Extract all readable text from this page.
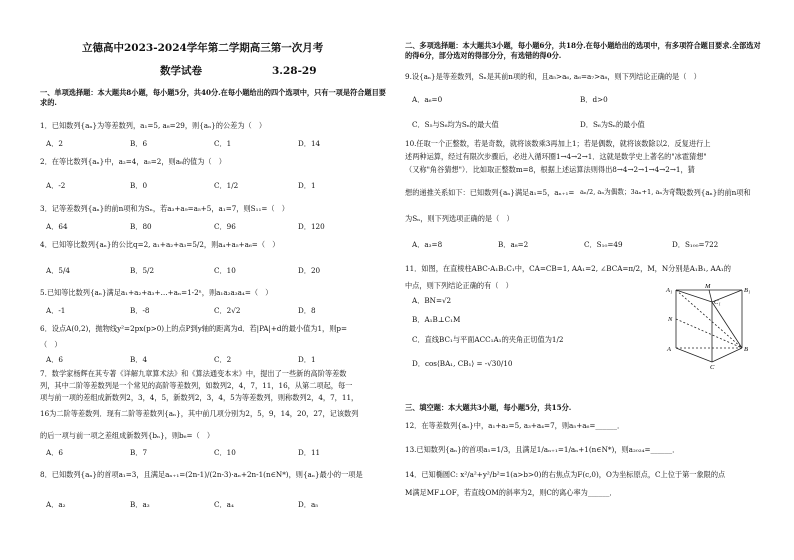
立德高中2023-2024学年第二学期高三第一次月考
数学试卷	3.28-29
一、单项选择题：本大题共8小题，每小题5分，共40分.在每小题给出的四个选项中，只有一项是符合题目要求的.
1．已知数列{aₙ}为等差数列，a₁=5, a₈=29，则{aₙ}的公差为（　）
A．2	B．6	C．1	D．14
2．在等比数列{aₙ}中，a₂=4，a₅=2，则a₈的值为（　）
A．-2	B．0	C．1/2	D．1
3．记等差数列{aₙ}的前n项和为Sₙ，若a₃+a₉=a₅+5，a₁=7，则S₁₁=（　）
A．64	B．80	C．96	D．120
4．已知等比数列{aₙ}的公比q=2, a₁+a₂+a₃=5/2，则a₄+a₅+a₆=（　）
A．5/4	B．5/2	C．10	D．20
5.已知等比数列{aₙ}满足a₁+a₂+a₃+…+aₙ=1-2ⁿ，则a₁a₂a₃a₄=（　）
A．-1	B．-8	C．2√2	D．8
6．设点A(0,2)，抛物线y²=2px(p>0)上的点P到y轴的距离为d．若|PA|+d的最小值为1，则p=
（　）
A．6	B．4	C．2	D．1
7．数学家杨辉在其专著《详解九章算术法》和《算法通变本末》中，提出了一些新的高阶等差数
列，其中二阶等差数列是一个常见的高阶等差数列，如数列2，4，7，11，16，从第二项起，每一
项与前一项的差组成新数列2，3，4，5，新数列2，3，4，5为等差数列，则称数列2，4，7，11，
16为二阶等差数列．现有二阶等差数列{aₙ}，其中前几项分别为2，5，9，14，20，27，记该数列
的后一项与前一项之差组成新数列{bₙ}，则b₆=（　）
A．6	B．7	C．10	D．11
8．已知数列{aₙ}的首项a₁=3，且满足aₙ₊₁=(2n-1)/(2n-3)·aₙ+2n-1(n∈N*)，则{aₙ}最小的一项是
A．a₂	B．a₃	C．a₄	D．a₅
二、多项选择题：本大题共3小题，每小题6分，共18分.在每小题给出的选项中，有多项符合题目要求.全部选对的得6分，部分选对的得部分分，有选错的得0分.
9.设{aₙ}是等差数列，Sₙ是其前n项的和，且a₅>a₆, a₆=a₇>a₈，则下列结论正确的是（　）
A．a₆=0	B．d>0
C．S₅与S₆均为Sₙ的最大值	D．S₆为Sₙ的最小值
10.任取一个正整数，若是奇数，就将该数乘3再加上1；若是偶数，就将该数除以2．反复进行上
述两种运算，经过有限次步骤后，必进入循环圈1→4→2→1．这就是数学史上著名的"冰雹猜想"
（又称"角谷猜想"）．比如取正整数m=8，根据上述运算法则得出8→4→2→1→4→2→1，猜
想的递推关系如下：已知数列{aₙ}满足a₁=5，aₙ₊₁= aₙ/2, aₙ为偶数；3aₙ+1, aₙ为奇数
，设数列{aₙ}的前n项和
为Sₙ，则下列选项正确的是（　）
A．a₃=8	B．a₈=2	C．S₁₀=49	D．S₁₀₀=722
11．如图，在直棱柱ABC-A₁B₁C₁中，CA=CB=1, AA₁=2, ∠BCA=π/2，M，N分别是A₁B₁, AA₁的
中点，则下列结论正确的有（　）
A．BN=√2
B．A₁B⊥C₁M
C．直线BC₁与平面ACC₁A₁的夹角正切值为1/2
D．cos⟨BA₁, CB₁⟩ = -√30/10
A₁	B₁
C₁
M
N
A	B
C
三、填空题：本大题共3小题，每小题5分，共15分.
12．在等差数列{aₙ}中，a₁+a₂=5, a₃+a₄=7，则a₅+a₆=______．
13.已知数列{aₙ}的首项a₁=1/3，且满足1/aₙ₊₁=1/aₙ+1(n∈N*)，则a₂₀₂₄=______．
14．已知椭圆C: x²/a²+y²/b²=1(a>b>0)的右焦点为F(c,0)，O为坐标原点，C上位于第一象限的点
M满足MF⊥OF，若直线OM的斜率为2，则C的离心率为______．
